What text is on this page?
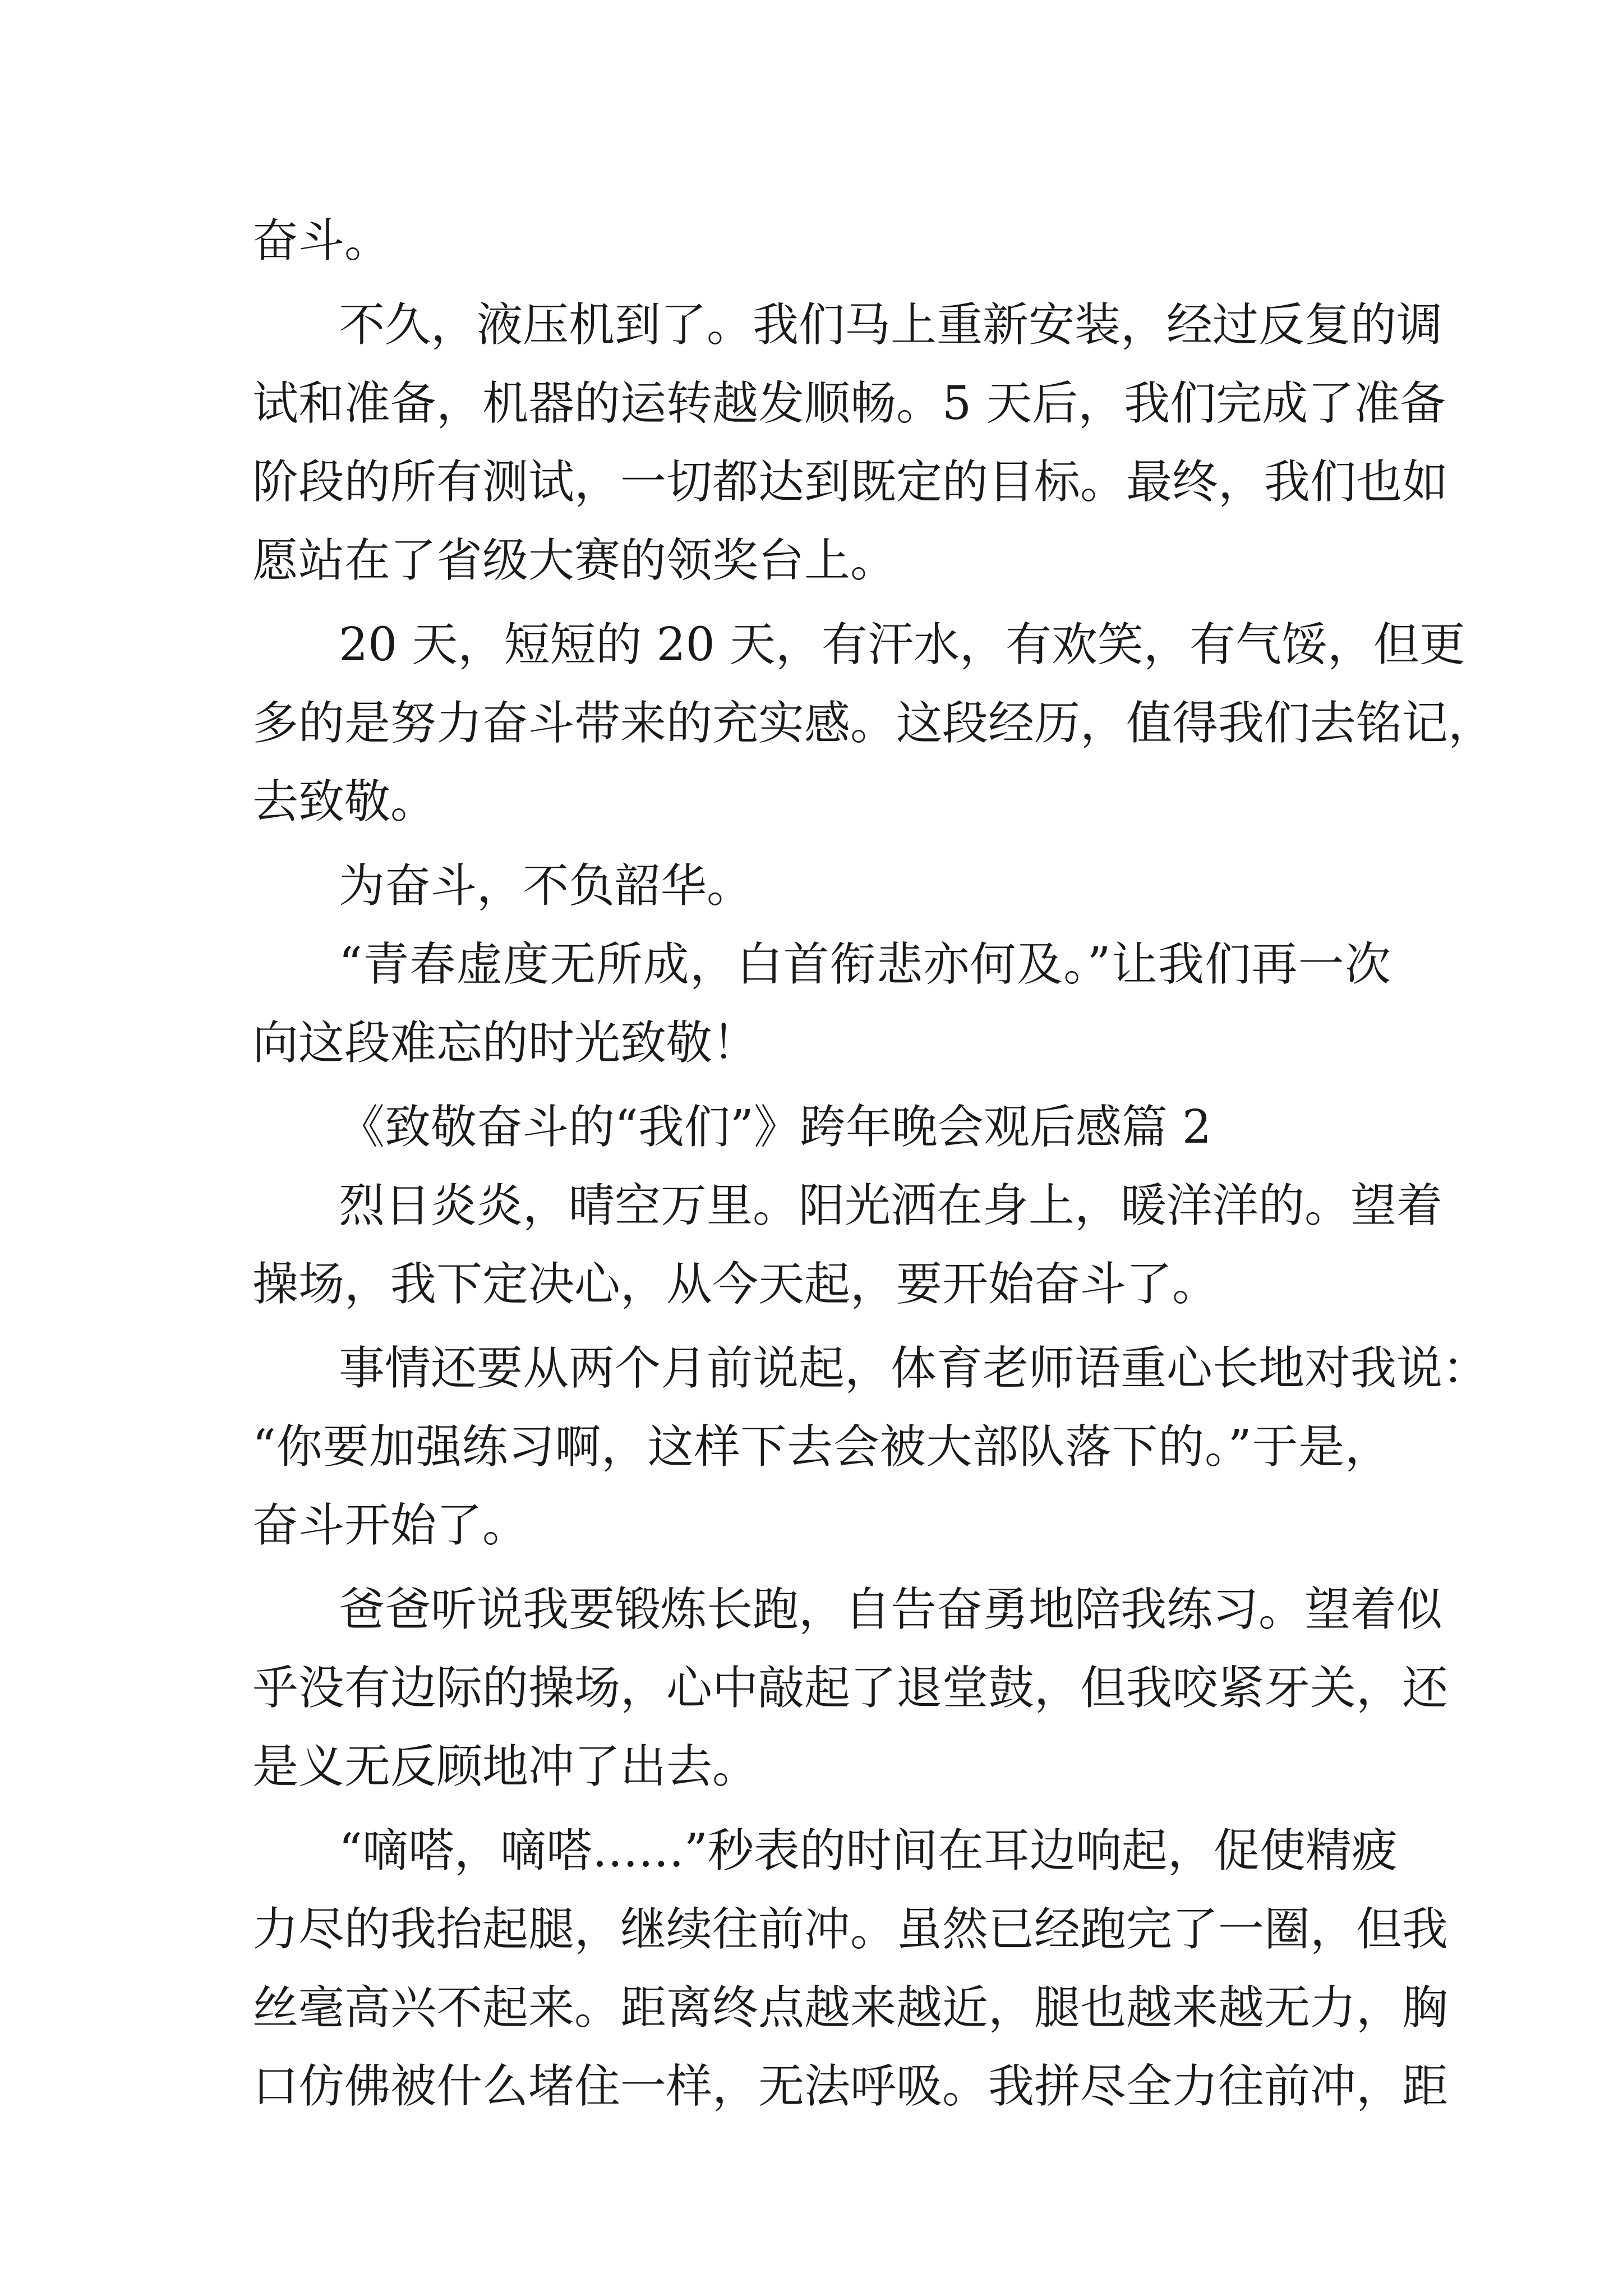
奋斗。

不久，液压机到了。我们马上重新安装，经过反复的调

试和准备，机器的运转越发顺畅。5 天后，我们完成了准备

阶段的所有测试，一切都达到既定的目标。最终，我们也如

愿站在了省级大赛的领奖台上。

20 天，短短的 20 天，有汗水，有欢笑，有气馁，但更

多的是努力奋斗带来的充实感。这段经历，值得我们去铭记，

去致敬。

为奋斗，不负韶华。

“青春虚度无所成，白首衔悲亦何及。”让我们再一次

向这段难忘的时光致敬！

《致敬奋斗的“我们”》跨年晚会观后感篇 2

烈日炎炎，晴空万里。阳光洒在身上，暖洋洋的。望着

操场，我下定决心，从今天起，要开始奋斗了。

事情还要从两个月前说起，体育老师语重心长地对我说：

“你要加强练习啊，这样下去会被大部队落下的。”于是，

奋斗开始了。

爸爸听说我要锻炼长跑，自告奋勇地陪我练习。望着似

乎没有边际的操场，心中敲起了退堂鼓，但我咬紧牙关，还

是义无反顾地冲了出去。

“嘀嗒，嘀嗒……”秒表的时间在耳边响起，促使精疲

力尽的我抬起腿，继续往前冲。虽然已经跑完了一圈，但我

丝毫高兴不起来。距离终点越来越近，腿也越来越无力，胸

口仿佛被什么堵住一样，无法呼吸。我拼尽全力往前冲，距
